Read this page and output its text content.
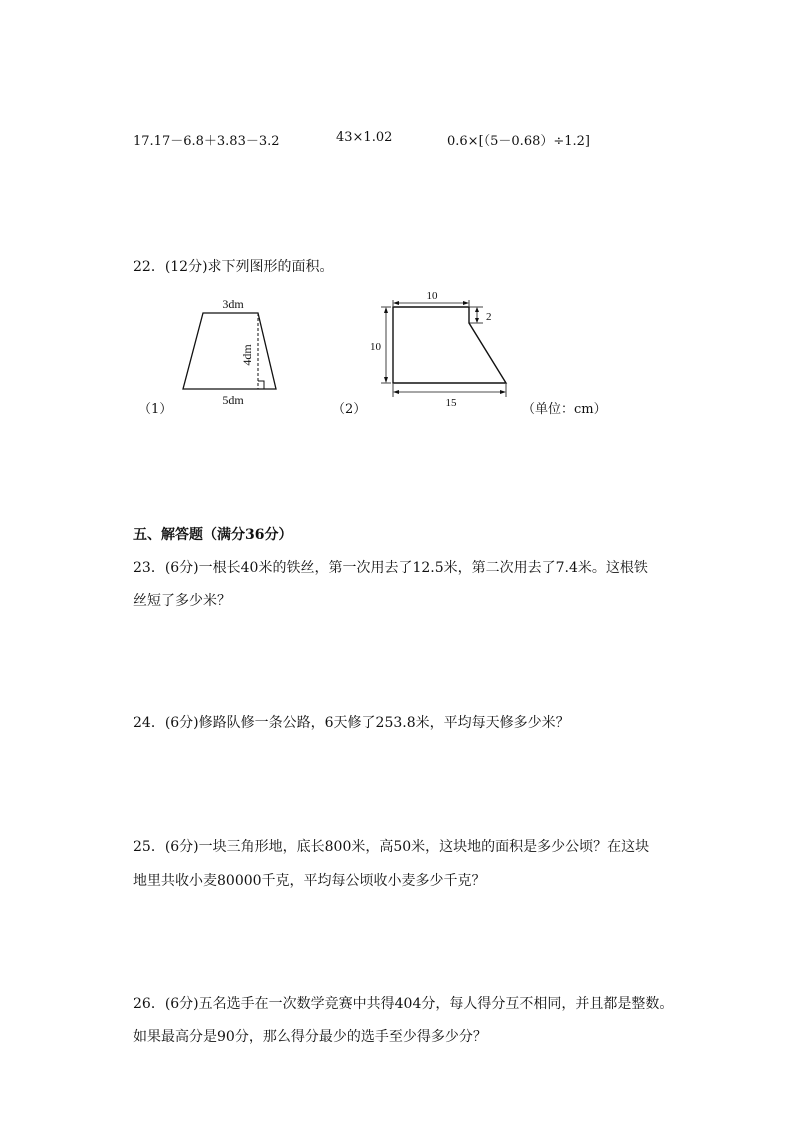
17.17－6.8＋3.83－3.2	43×1.02	0.6×[（5－0.68）÷1.2]
22．(12分)求下列图形的面积。
3dm
4dm
5dm
（1）
10
2
10
15
（2）	（单位：cm）
五、解答题（满分36分）
23．(6分)一根长40米的铁丝，第一次用去了12.5米，第二次用去了7.4米。这根铁
丝短了多少米？
24．(6分)修路队修一条公路，6天修了253.8米，平均每天修多少米？
25．(6分)一块三角形地，底长800米，高50米，这块地的面积是多少公顷？在这块
地里共收小麦80000千克，平均每公顷收小麦多少千克？
26．(6分)五名选手在一次数学竞赛中共得404分，每人得分互不相同，并且都是整数。
如果最高分是90分，那么得分最少的选手至少得多少分？
